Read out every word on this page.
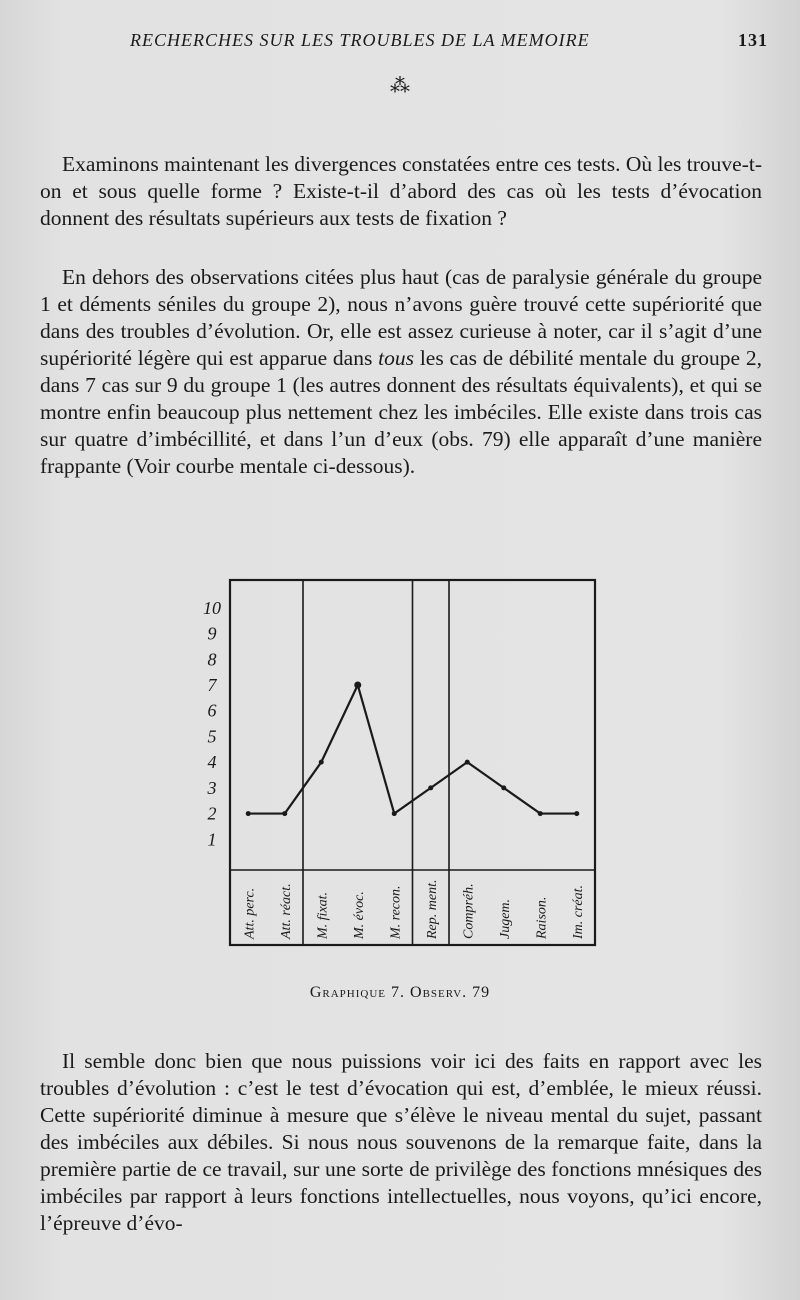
RECHERCHES SUR LES TROUBLES DE LA MEMOIRE	131
⁂

Examinons maintenant les divergences constatées entre ces tests. Où les trouve-t-on et sous quelle forme ? Existe-t-il d’abord des cas où les tests d’évocation donnent des résultats supérieurs aux tests de fixation ?

En dehors des observations citées plus haut (cas de paralysie générale du groupe 1 et déments séniles du groupe 2), nous n’avons guère trouvé cette supériorité que dans des troubles d’évolution. Or, elle est assez curieuse à noter, car il s’agit d’une supériorité légère qui est apparue dans tous les cas de débilité mentale du groupe 2, dans 7 cas sur 9 du groupe 1 (les autres donnent des résultats équivalents), et qui se montre enfin beaucoup plus nettement chez les imbéciles. Elle existe dans trois cas sur quatre d’imbécillité, et dans l’un d’eux (obs. 79) elle apparaît d’une manière frappante (Voir courbe mentale ci-dessous).

1
2
3
4
5
6
7
8
9
10
Att. perc. Att. réact. M. fixat. M. évoc. M. recon. Rep. ment. Compréh. Jugem. Raison. Im. créat.
Graphique 7. Observ. 79

Il semble donc bien que nous puissions voir ici des faits en rapport avec les troubles d’évolution : c’est le test d’évocation qui est, d’emblée, le mieux réussi. Cette supériorité diminue à mesure que s’élève le niveau mental du sujet, passant des imbéciles aux débiles. Si nous nous souvenons de la remarque faite, dans la première partie de ce travail, sur une sorte de privilège des fonctions mnésiques des imbéciles par rapport à leurs fonctions intellectuelles, nous voyons, qu’ici encore, l’épreuve d’évo-
